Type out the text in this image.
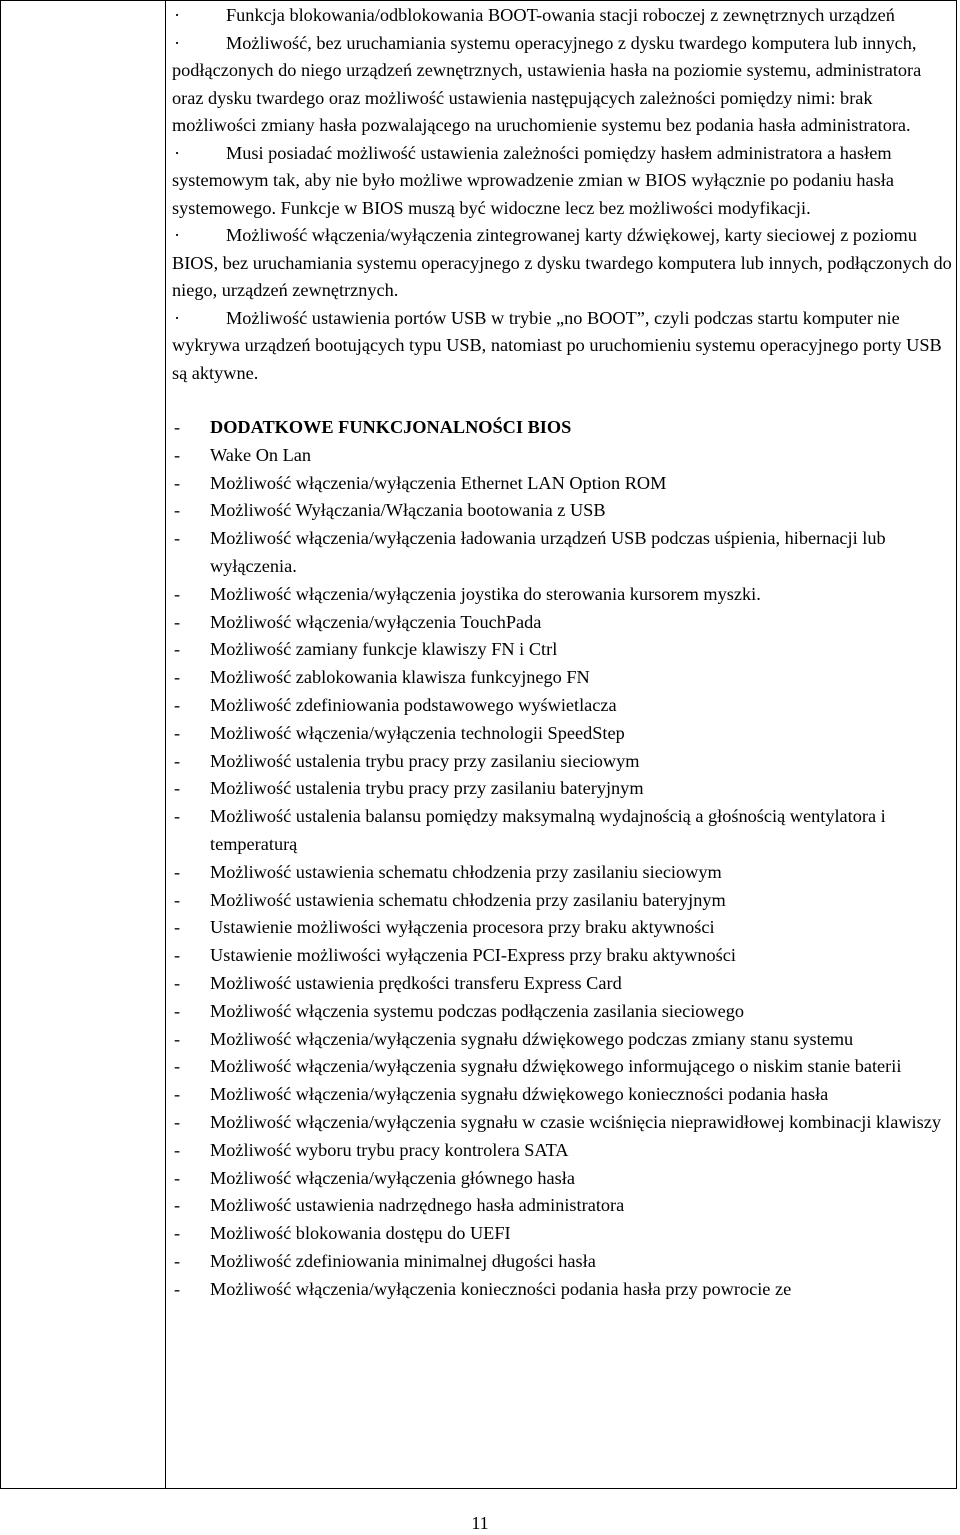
·	Funkcja blokowania/odblokowania BOOT-owania stacji roboczej z zewnętrznych urządzeń

·	Możliwość, bez uruchamiania systemu operacyjnego z dysku twardego komputera lub innych, podłączonych do niego urządzeń zewnętrznych, ustawienia hasła na poziomie systemu, administratora oraz dysku twardego oraz możliwość ustawienia następujących zależności pomiędzy nimi: brak możliwości zmiany hasła pozwalającego na uruchomienie systemu bez podania hasła administratora.

·	Musi posiadać możliwość ustawienia zależności pomiędzy hasłem administratora a hasłem systemowym tak, aby nie było możliwe wprowadzenie zmian w BIOS wyłącznie po podaniu hasła systemowego. Funkcje w BIOS muszą być widoczne lecz bez możliwości modyfikacji.

·	Możliwość włączenia/wyłączenia zintegrowanej karty dźwiękowej, karty sieciowej z poziomu BIOS, bez uruchamiania systemu operacyjnego z dysku twardego komputera lub innych, podłączonych do niego, urządzeń zewnętrznych.

·	Możliwość ustawienia portów USB w trybie „no BOOT”, czyli podczas startu komputer nie wykrywa urządzeń bootujących typu USB, natomiast po uruchomieniu systemu operacyjnego porty USB są aktywne.

-	DODATKOWE FUNKCJONALNOŚCI BIOS
-	Wake On Lan
-	Możliwość włączenia/wyłączenia Ethernet LAN Option ROM
-	Możliwość Wyłączania/Włączania bootowania z USB
-	Możliwość włączenia/wyłączenia ładowania urządzeń USB podczas uśpienia, hibernacji lub wyłączenia.
-	Możliwość włączenia/wyłączenia joystika do sterowania kursorem myszki.
-	Możliwość włączenia/wyłączenia TouchPada
-	Możliwość zamiany funkcje klawiszy FN i Ctrl
-	Możliwość zablokowania klawisza funkcyjnego FN
-	Możliwość zdefiniowania podstawowego wyświetlacza
-	Możliwość włączenia/wyłączenia technologii SpeedStep
-	Możliwość ustalenia trybu pracy przy zasilaniu sieciowym
-	Możliwość ustalenia trybu pracy przy zasilaniu bateryjnym
-	Możliwość ustalenia balansu pomiędzy maksymalną wydajnością a głośnością wentylatora i temperaturą
-	Możliwość ustawienia schematu chłodzenia przy zasilaniu sieciowym
-	Możliwość ustawienia schematu chłodzenia przy zasilaniu bateryjnym
-	Ustawienie możliwości wyłączenia procesora przy braku aktywności
-	Ustawienie możliwości wyłączenia PCI-Express przy braku aktywności
-	Możliwość ustawienia prędkości transferu Express Card
-	Możliwość włączenia systemu podczas podłączenia zasilania sieciowego
-	Możliwość włączenia/wyłączenia sygnału dźwiękowego podczas zmiany stanu systemu
-	Możliwość włączenia/wyłączenia sygnału dźwiękowego informującego o niskim stanie baterii
-	Możliwość włączenia/wyłączenia sygnału dźwiękowego konieczności podania hasła
-	Możliwość włączenia/wyłączenia sygnału w czasie wciśnięcia nieprawidłowej kombinacji klawiszy
-	Możliwość wyboru trybu pracy kontrolera SATA
-	Możliwość włączenia/wyłączenia głównego hasła
-	Możliwość ustawienia nadrzędnego hasła administratora
-	Możliwość blokowania dostępu do UEFI
-	Możliwość zdefiniowania minimalnej długości hasła
-	Możliwość włączenia/wyłączenia konieczności podania hasła przy powrocie ze
11
